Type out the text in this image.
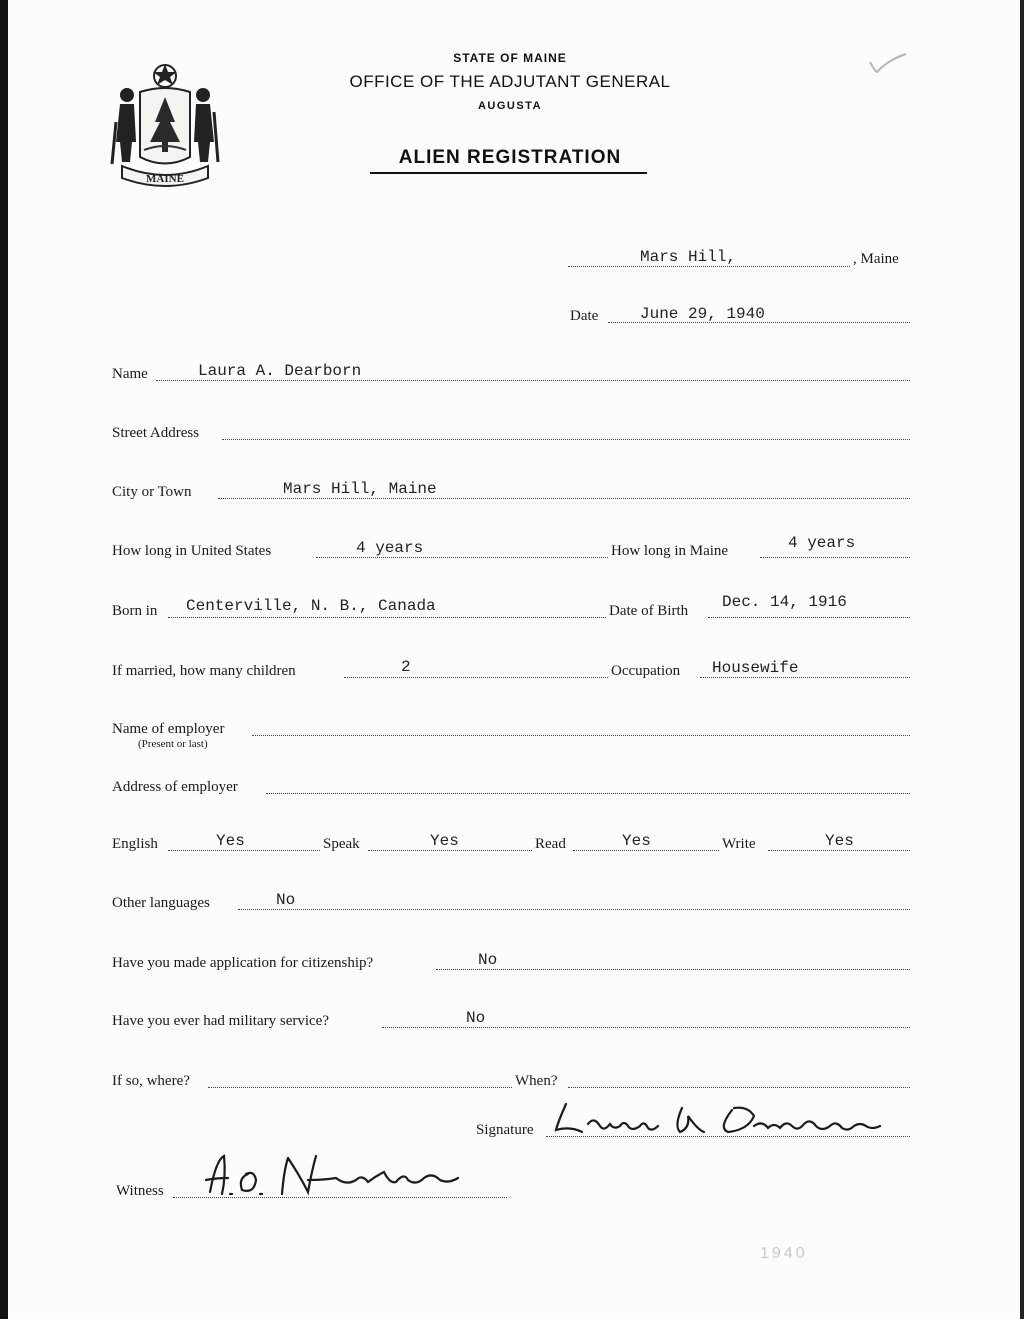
MAINE
STATE OF MAINE
OFFICE OF THE ADJUTANT GENERAL
AUGUSTA
ALIEN REGISTRATION
Mars Hill,	, Maine
Date	June 29, 1940
Name	Laura A. Dearborn
Street Address
City or Town	Mars Hill, Maine
How long in United States	4 years	How long in Maine	4 years
Born in Centerville, N. B., Canada	Date of Birth Dec. 14, 1916
If married, how many children	2	Occupation Housewife
Name of employer
(Present or last)
Address of employer
English	Yes	Speak	Yes	Read	Yes	Write	Yes
Other languages	No
Have you made application for citizenship?	No
Have you ever had military service?	No
If so, where?	When?
Signature
Witness
1940
